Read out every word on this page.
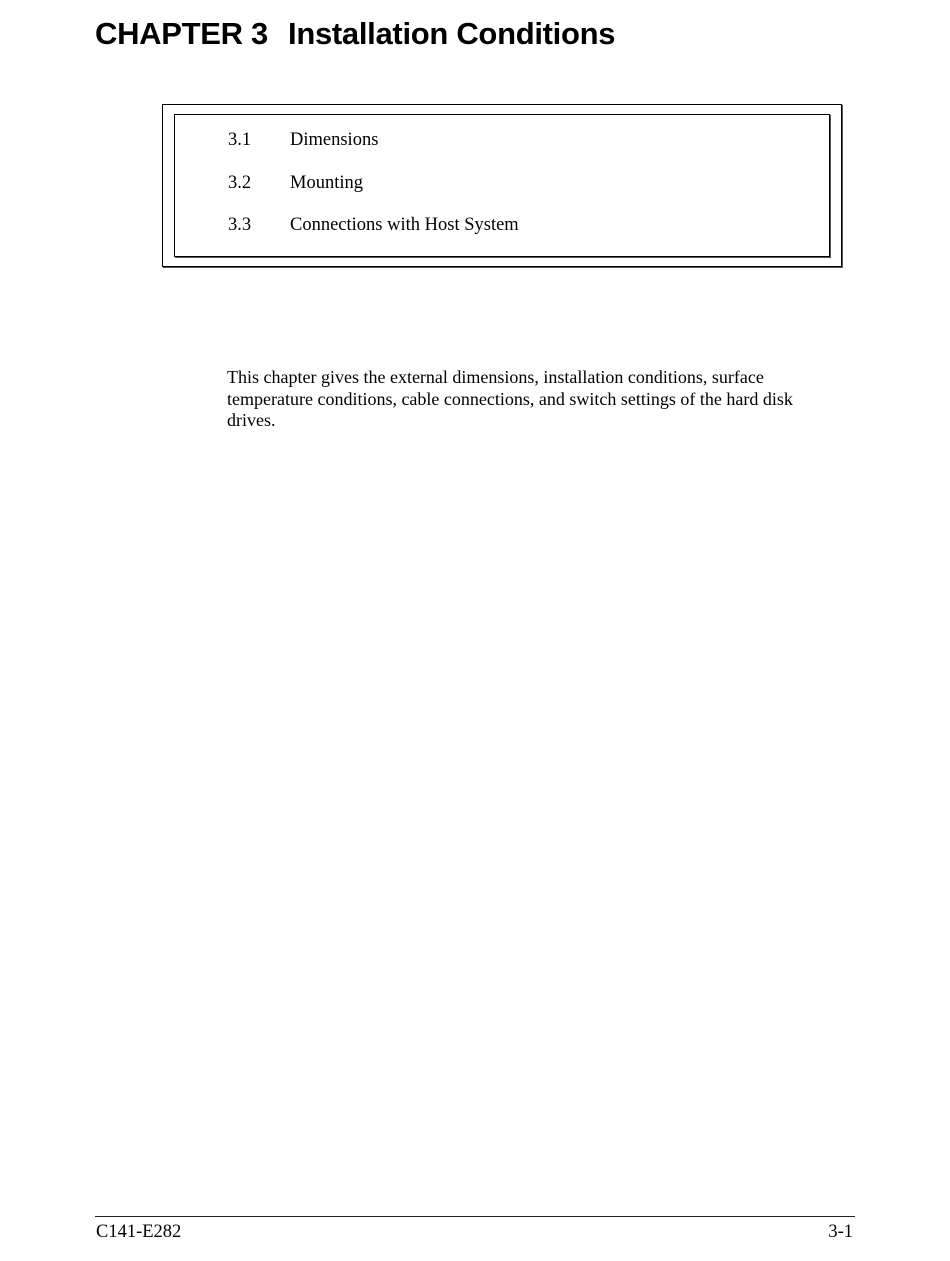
CHAPTER 3 Installation Conditions
3.1 Dimensions
3.2 Mounting
3.3 Connections with Host System
This chapter gives the external dimensions, installation conditions, surface temperature conditions, cable connections, and switch settings of the hard disk drives.
C141-E282	3-1
